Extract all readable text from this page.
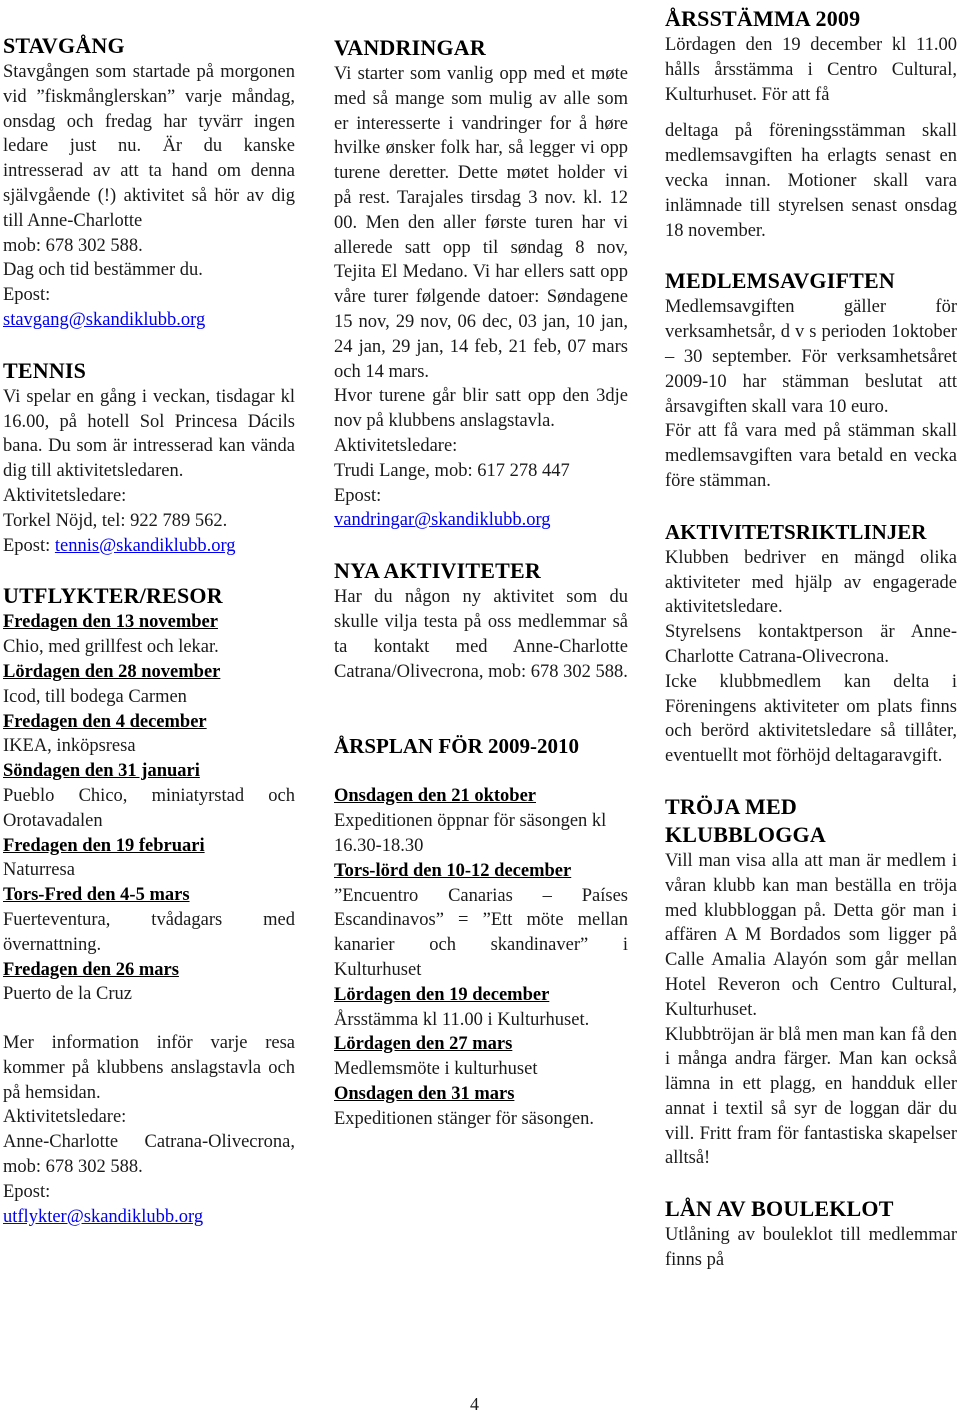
STAVGÅNG

Stavgången som startade på morgonen vid ”fiskmånglerskan” varje måndag, onsdag och fredag har tyvärr ingen ledare just nu. Är du kanske intresserad av att ta hand om denna självgående (!) aktivitet så hör av dig till Anne-Charlotte

mob: 678 302 588.

Dag och tid bestämmer du.

Epost:

stavgang@skandiklubb.org

TENNIS

Vi spelar en gång i veckan, tisdagar kl 16.00, på hotell Sol Princesa Dácils bana. Du som är intresserad kan vända dig till aktivitetsledaren.

Aktivitetsledare:

Torkel Nöjd, tel: 922 789 562.

Epost: tennis@skandiklubb.org

UTFLYKTER/RESOR

Fredagen den 13 november

Chio, med grillfest och lekar.

Lördagen den 28 november

Icod, till bodega Carmen

Fredagen den 4 december

IKEA, inköpsresa

Söndagen den 31 januari

Pueblo Chico, miniatyrstad och Orotavadalen

Fredagen den 19 februari

Naturresa

Tors-Fred den 4-5 mars

Fuerteventura, tvådagars med övernattning.

Fredagen den 26 mars

Puerto de la Cruz

Mer information inför varje resa kommer på klubbens anslagstavla och på hemsidan.

Aktivitetsledare:

Anne-Charlotte Catrana-Olivecrona, mob: 678 302 588.

Epost:

utflykter@skandiklubb.org

VANDRINGAR

Vi starter som vanlig opp med et møte med så mange som mulig av alle som er interesserte i vandringer for å høre hvilke ønsker folk har, så legger vi opp turene deretter. Dette møtet holder vi på rest. Tarajales tirsdag 3 nov. kl. 12 00. Men den aller første turen har vi allerede satt opp til søndag 8 nov, Tejita El Medano. Vi har ellers satt opp våre turer følgende datoer: Søndagene 15 nov, 29 nov, 06 dec, 03 jan, 10 jan, 24 jan, 29 jan, 14 feb, 21 feb, 07 mars och 14 mars.

Hvor turene går blir satt opp den 3dje nov på klubbens anslagstavla.

Aktivitetsledare:

Trudi Lange, mob: 617 278 447

Epost:

vandringar@skandiklubb.org

NYA AKTIVITETER

Har du någon ny aktivitet som du skulle vilja testa på oss medlemmar så ta kontakt med Anne-Charlotte Catrana/Olivecrona, mob: 678 302 588.

ÅRSPLAN FÖR 2009-2010

Onsdagen den 21 oktober

Expeditionen öppnar för säsongen kl 16.30-18.30

Tors-lörd den 10-12 december

”Encuentro Canarias – Países Escandinavos” = ”Ett möte mellan kanarier och skandinaver” i Kulturhuset

Lördagen den 19 december

Årsstämma kl 11.00 i Kulturhuset.

Lördagen den 27 mars

Medlemsmöte i kulturhuset

Onsdagen den 31 mars

Expeditionen stänger för säsongen.

ÅRSSTÄMMA 2009

Lördagen den 19 december kl 11.00 hålls årsstämma i Centro Cultural, Kulturhuset. För att få

deltaga på föreningsstämman skall medlemsavgiften ha erlagts senast en vecka innan. Motioner skall vara inlämnade till styrelsen senast onsdag 18 november.

MEDLEMSAVGIFTEN

Medlemsavgiften gäller för verksamhetsår, d v s perioden 1oktober – 30 september. För verksamhetsåret 2009-10 har stämman beslutat att årsavgiften skall vara 10 euro.

För att få vara med på stämman skall medlemsavgiften vara betald en vecka före stämman.

AKTIVITETSRIKTLINJER

Klubben bedriver en mängd olika aktiviteter med hjälp av engagerade aktivitetsledare.

Styrelsens kontaktperson är Anne-Charlotte Catrana-Olivecrona.

Icke klubbmedlem kan delta i Föreningens aktiviteter om plats finns och berörd aktivitetsledare så tillåter, eventuellt mot förhöjd deltagaravgift.

TRÖJA MED KLUBBLOGGA

Vill man visa alla att man är medlem i våran klubb kan man beställa en tröja med klubbloggan på. Detta gör man i affären A M Bordados som ligger på Calle Amalia Alayón som går mellan Hotel Reveron och Centro Cultural, Kulturhuset.

Klubbtröjan är blå men man kan få den i många andra färger. Man kan också lämna in ett plagg, en handduk eller annat i textil så syr de loggan där du vill. Fritt fram för fantastiska skapelser alltså!

LÅN AV BOULEKLOT

Utlåning av bouleklot till medlemmar finns på

4
